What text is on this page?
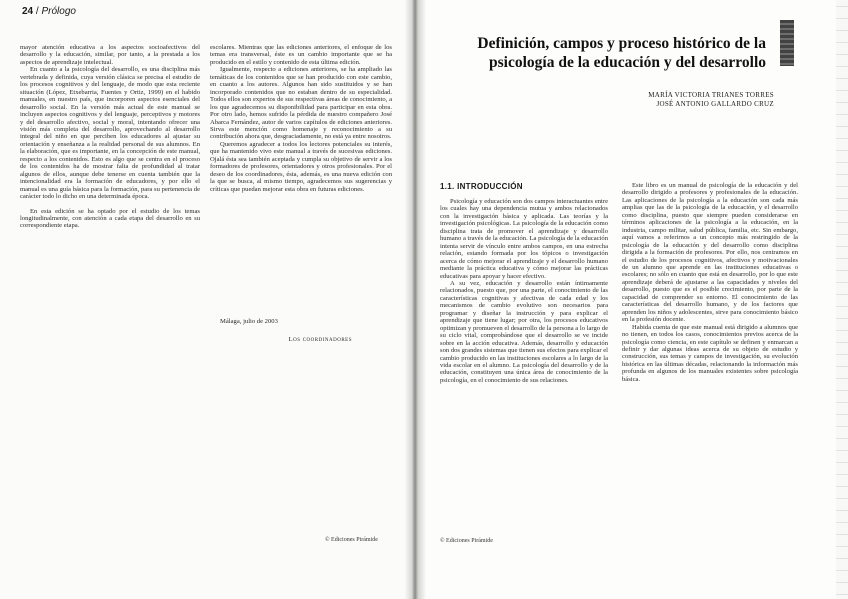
24 / Prólogo

mayor atención educativa a los aspectos socioafectivos del desarrollo y la educación, similar, por tanto, a la prestada a los aspectos de aprendizaje intelectual.

En cuanto a la psicología del desarrollo, es una disciplina más vertebrada y definida, cuya versión clásica se precisa el estudio de los procesos cognitivos y del lenguaje, de modo que esta reciente situación (López, Etxebarria, Fuentes y Ortiz, 1999) en el habido manuales, en nuestro país, que incorporen aspectos esenciales del desarrollo social. En la versión más actual de este manual se incluyen aspectos cognitivos y del lenguaje, perceptivos y motores y del desarrollo afectivo, social y moral, intentando ofrecer una visión más completa del desarrollo, aprovechando al desarrollo integral del niño en que perciben los educadores al ajustar su orientación y enseñanza a la realidad personal de sus alumnos. En la elaboración, que es importante, en la concepción de este manual, respecto a los contenidos. Esto es algo que se centra en el proceso de los contenidos ha de mostrar falta de profundidad al tratar algunos de ellos, aunque debe tenerse en cuenta también que la intencionalidad era la formación de educadores, y por ello el manual es una guía básica para la formación, para su pertenencia de carácter todo lo dicho en una determinada época.

En esta edición se ha optado por el estudio de los temas longitudinalmente, con atención a cada etapa del desarrollo en su correspondiente etapa.

escolares. Mientras que las ediciones anteriores, el enfoque de los temas era transversal, éste es un cambio importante que se ha producido en el estilo y contenido de esta última edición.

Igualmente, respecto a ediciones anteriores, se ha ampliado las temáticas de los contenidos que se han producido con este cambio, en cuanto a los autores. Algunos han sido sustituidos y se han incorporado contenidos que no estaban dentro de su especialidad. Todos ellos son expertos de sus respectivas áreas de conocimiento, a los que agradecemos su disponibilidad para participar en esta obra. Por otro lado, hemos sufrido la pérdida de nuestro compañero José Abarca Fernández, autor de varios capítulos de ediciones anteriores. Sirva este mención como homenaje y reconocimiento a su contribución ahora que, desgraciadamente, no está ya entre nosotros.

Queremos agradecer a todos los lectores potenciales su interés, que ha mantenido vivo este manual a través de sucesivas ediciones. Ojalá ésta sea también aceptada y cumpla su objetivo de servir a los formadores de profesores, orientadores y otros profesionales. Por el deseo de los coordinadores, ésta, además, es una nueva edición con la que se busca, al mismo tiempo, agradecemos sus sugerencias y críticas que puedan mejorar esta obra en futuras ediciones.

Málaga, julio de 2003
Los coordinadores
© Ediciones Pirámide
Definición, campos y proceso histórico de la psicología de la educación y del desarrollo
MARÍA VICTORIA TRIANES TORRES
JOSÉ ANTONIO GALLARDO CRUZ
1.1. INTRODUCCIÓN

Psicología y educación son dos campos interactuantes entre los cuales hay una dependencia mutua y ambos relacionados con la investigación básica y aplicada. Las teorías y la investigación psicológicas. La psicología de la educación como disciplina trata de promover el aprendizaje y desarrollo humano a través de la educación. La psicología de la educación intenta servir de vínculo entre ambos campos, en una estrecha relación, estando formada por los tópicos o investigación acerca de cómo mejorar el aprendizaje y el desarrollo humano mediante la práctica educativa y cómo mejorar las prácticas educativas para apoyar y hacer efectivo.

A su vez, educación y desarrollo están íntimamente relacionados, puesto que, por una parte, el conocimiento de las características cognitivas y afectivas de cada edad y los mecanismos de cambio evolutivo son necesarios para programar y diseñar la instrucción y para explicar el aprendizaje que tiene lugar; por otra, los procesos educativos optimizan y promueven el desarrollo de la persona a lo largo de su ciclo vital, comprobándose que el desarrollo se ve incide sobre en la acción educativa. Además, desarrollo y educación son dos grandes sistemas que tienen sus efectos para explicar el cambio producido en las instituciones escolares a lo largo de la vida escolar en el alumno. La psicología del desarrollo y de la educación, constituyen una única área de conocimiento de la psicología, en el conocimiento de sus relaciones.

Este libro es un manual de psicología de la educación y del desarrollo dirigido a profesores y profesionales de la educación. Las aplicaciones de la psicología a la educación son cada más amplias que las de la psicología de la educación, y el desarrollo como disciplina, puesto que siempre pueden considerarse en términos aplicaciones de la psicología a la educación, en la industria, campo militar, salud pública, familia, etc. Sin embargo, aquí vamos a referirnos a un concepto más restringido de la psicología de la educación y del desarrollo como disciplina dirigida a la formación de profesores. Por ello, nos centramos en el estudio de los procesos cognitivos, afectivos y motivacionales de un alumno que aprende en las instituciones educativas o escolares; no sólo en cuanto que está en desarrollo, por lo que este aprendizaje deberá de ajustarse a las capacidades y niveles del desarrollo, puesto que es el posible crecimiento, por parte de la capacidad de comprender su entorno. El conocimiento de las características del desarrollo humano, y de los factores que aprenden los niños y adolescentes, sirve para conocimiento básico en la profesión docente.

Habida cuenta de que este manual está dirigido a alumnos que no tienen, en todos los casos, conocimientos previos acerca de la psicología como ciencia, en este capítulo se definen y enmarcan a definir y dar algunas ideas acerca de su objeto de estudio y construcción, sus temas y campos de investigación, su evolución histórica en las últimas décadas, relacionando la información más profunda en algunos de los manuales existentes sobre psicología básica.

© Ediciones Pirámide
